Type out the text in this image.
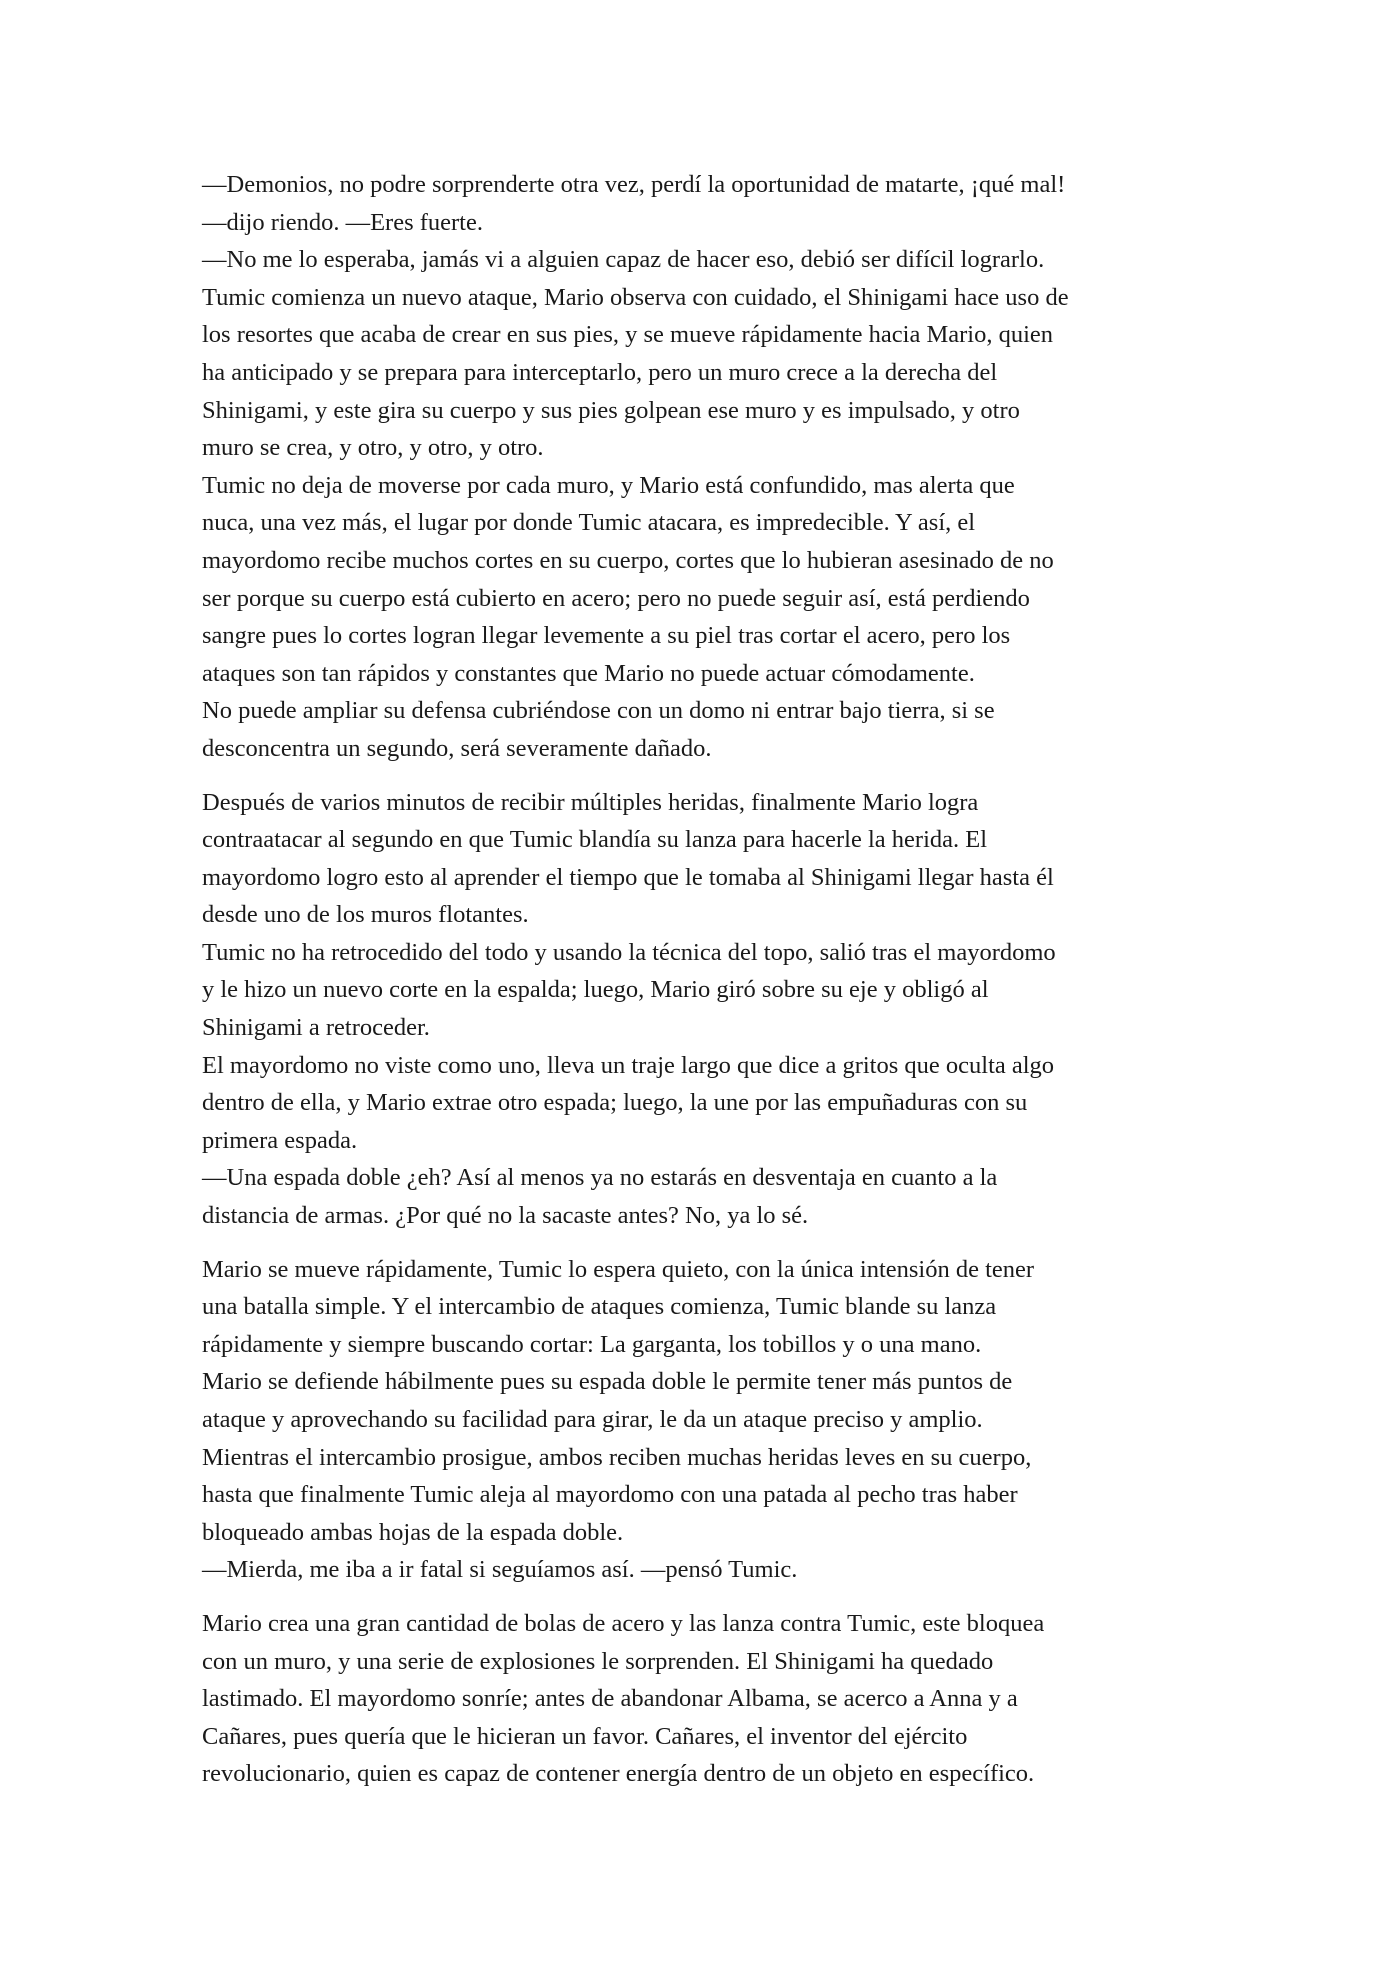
—Demonios, no podre sorprenderte otra vez, perdí la oportunidad de matarte, ¡qué mal!
—dijo riendo. —Eres fuerte.
—No me lo esperaba, jamás vi a alguien capaz de hacer eso, debió ser difícil lograrlo.
Tumic comienza un nuevo ataque, Mario observa con cuidado, el Shinigami hace uso de
los resortes que acaba de crear en sus pies, y se mueve rápidamente hacia Mario, quien
ha anticipado y se prepara para interceptarlo, pero un muro crece a la derecha del
Shinigami, y este gira su cuerpo y sus pies golpean ese muro y es impulsado, y otro
muro se crea, y otro, y otro, y otro.
Tumic no deja de moverse por cada muro, y Mario está confundido, mas alerta que
nuca, una vez más, el lugar por donde Tumic atacara, es impredecible. Y así, el
mayordomo recibe muchos cortes en su cuerpo, cortes que lo hubieran asesinado de no
ser porque su cuerpo está cubierto en acero; pero no puede seguir así, está perdiendo
sangre pues lo cortes logran llegar levemente a su piel tras cortar el acero, pero los
ataques son tan rápidos y constantes que Mario no puede actuar cómodamente.
No puede ampliar su defensa cubriéndose con un domo ni entrar bajo tierra, si se
desconcentra un segundo, será severamente dañado.
Después de varios minutos de recibir múltiples heridas, finalmente Mario logra
contraatacar al segundo en que Tumic blandía su lanza para hacerle la herida. El
mayordomo logro esto al aprender el tiempo que le tomaba al Shinigami llegar hasta él
desde uno de los muros flotantes.
Tumic no ha retrocedido del todo y usando la técnica del topo, salió tras el mayordomo
y le hizo un nuevo corte en la espalda; luego, Mario giró sobre su eje y obligó al
Shinigami a retroceder.
El mayordomo no viste como uno, lleva un traje largo que dice a gritos que oculta algo
dentro de ella, y Mario extrae otro espada; luego, la une por las empuñaduras con su
primera espada.
—Una espada doble ¿eh? Así al menos ya no estarás en desventaja en cuanto a la
distancia de armas. ¿Por qué no la sacaste antes? No, ya lo sé.
Mario se mueve rápidamente, Tumic lo espera quieto, con la única intensión de tener
una batalla simple. Y el intercambio de ataques comienza, Tumic blande su lanza
rápidamente y siempre buscando cortar: La garganta, los tobillos y o una mano.
Mario se defiende hábilmente pues su espada doble le permite tener más puntos de
ataque y aprovechando su facilidad para girar, le da un ataque preciso y amplio.
Mientras el intercambio prosigue, ambos reciben muchas heridas leves en su cuerpo,
hasta que finalmente Tumic aleja al mayordomo con una patada al pecho tras haber
bloqueado ambas hojas de la espada doble.
—Mierda, me iba a ir fatal si seguíamos así. —pensó Tumic.
Mario crea una gran cantidad de bolas de acero y las lanza contra Tumic, este bloquea
con un muro, y una serie de explosiones le sorprenden. El Shinigami ha quedado
lastimado. El mayordomo sonríe; antes de abandonar Albama, se acerco a Anna y a
Cañares, pues quería que le hicieran un favor. Cañares, el inventor del ejército
revolucionario, quien es capaz de contener energía dentro de un objeto en específico.
